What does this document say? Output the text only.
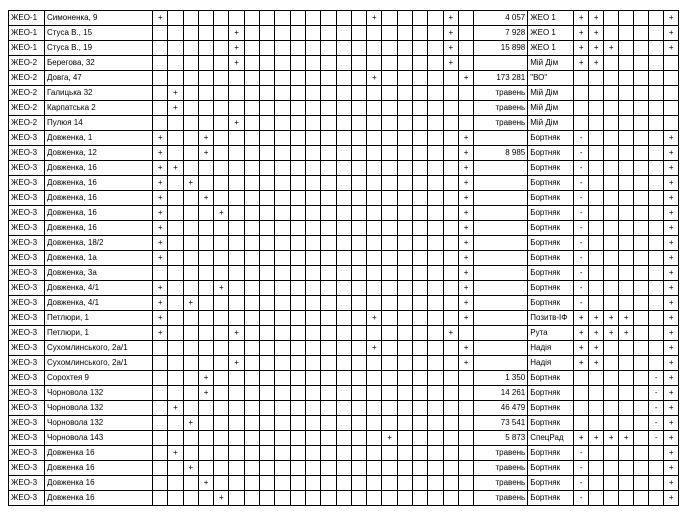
ЖЕО-1	Симоненка, 9	+														+					+		4 057	ЖЕО 1	+	+					+
ЖЕО-1	Стуса В., 15						+														+		7 928	ЖЕО 1	+	+					+
ЖЕО-1	Стуса В., 19						+														+		15 898	ЖЕО 1	+	+	+				+
ЖЕО-2	Берегова, 32						+														+			Мій Дім	+	+					
ЖЕО-2	Довга, 47															+						+	173 281	"ВО"							
ЖЕО-2	Галицька 32		+																				травень	Мій Дім							
ЖЕО-2	Карпатська 2		+																				травень	Мій Дім							
ЖЕО-2	Пулюя 14						+																травень	Мій Дім							
ЖЕО-3	Довженка, 1	+			+																	+		Бортняк	-						+
ЖЕО-3	Довженка, 12	+			+																	+	8 985	Бортняк	-						+
ЖЕО-3	Довженка, 16	+	+																			+		Бортняк	-						+
ЖЕО-3	Довженка, 16	+		+																		+		Бортняк	-						+
ЖЕО-3	Довженка, 16	+			+																	+		Бортняк	-						+
ЖЕО-3	Довженка, 16	+				+																+		Бортняк	-						+
ЖЕО-3	Довженка, 16	+																				+		Бортняк	-						+
ЖЕО-3	Довженка, 18/2	+																				+		Бортняк	-						+
ЖЕО-3	Довженка, 1а	+																				+		Бортняк	-						+
ЖЕО-3	Довженка, 3а																					+		Бортняк	-						+
ЖЕО-3	Довженка, 4/1	+				+																+		Бортняк	-						+
ЖЕО-3	Довженка, 4/1	+		+																		+		Бортняк	-						+
ЖЕО-3	Петлюри, 1	+														+						+		Позитв-ІФ	+	+	+	+			+
ЖЕО-3	Петлюри, 1	+					+														+			Рута	+	+	+	+			+
ЖЕО-3	Сухомлинського, 2а/1															+						+		Надія	+	+					+
ЖЕО-3	Сухомлинського, 2а/1						+															+		Надія	+	+					+
ЖЕО-3	Сорохтея 9				+																		1 350	Бортняк						-	+
ЖЕО-3	Чорновола 132				+																		14 261	Бортняк						-	+
ЖЕО-3	Чорновола 132		+																				46 479	Бортняк						-	+
ЖЕО-3	Чорновола 132			+																			73 541	Бортняк						-	+
ЖЕО-3	Чорновола 143																+						5 873	СпецРад	+	+	+	+		-	+
ЖЕО-3	Довженка 16		+																				травень	Бортняк	-						+
ЖЕО-3	Довженка 16			+																			травень	Бортняк	-						+
ЖЕО-3	Довженка 16				+																		травень	Бортняк	-						+
ЖЕО-3	Довженка 16					+																	травень	Бортняк	-						+
